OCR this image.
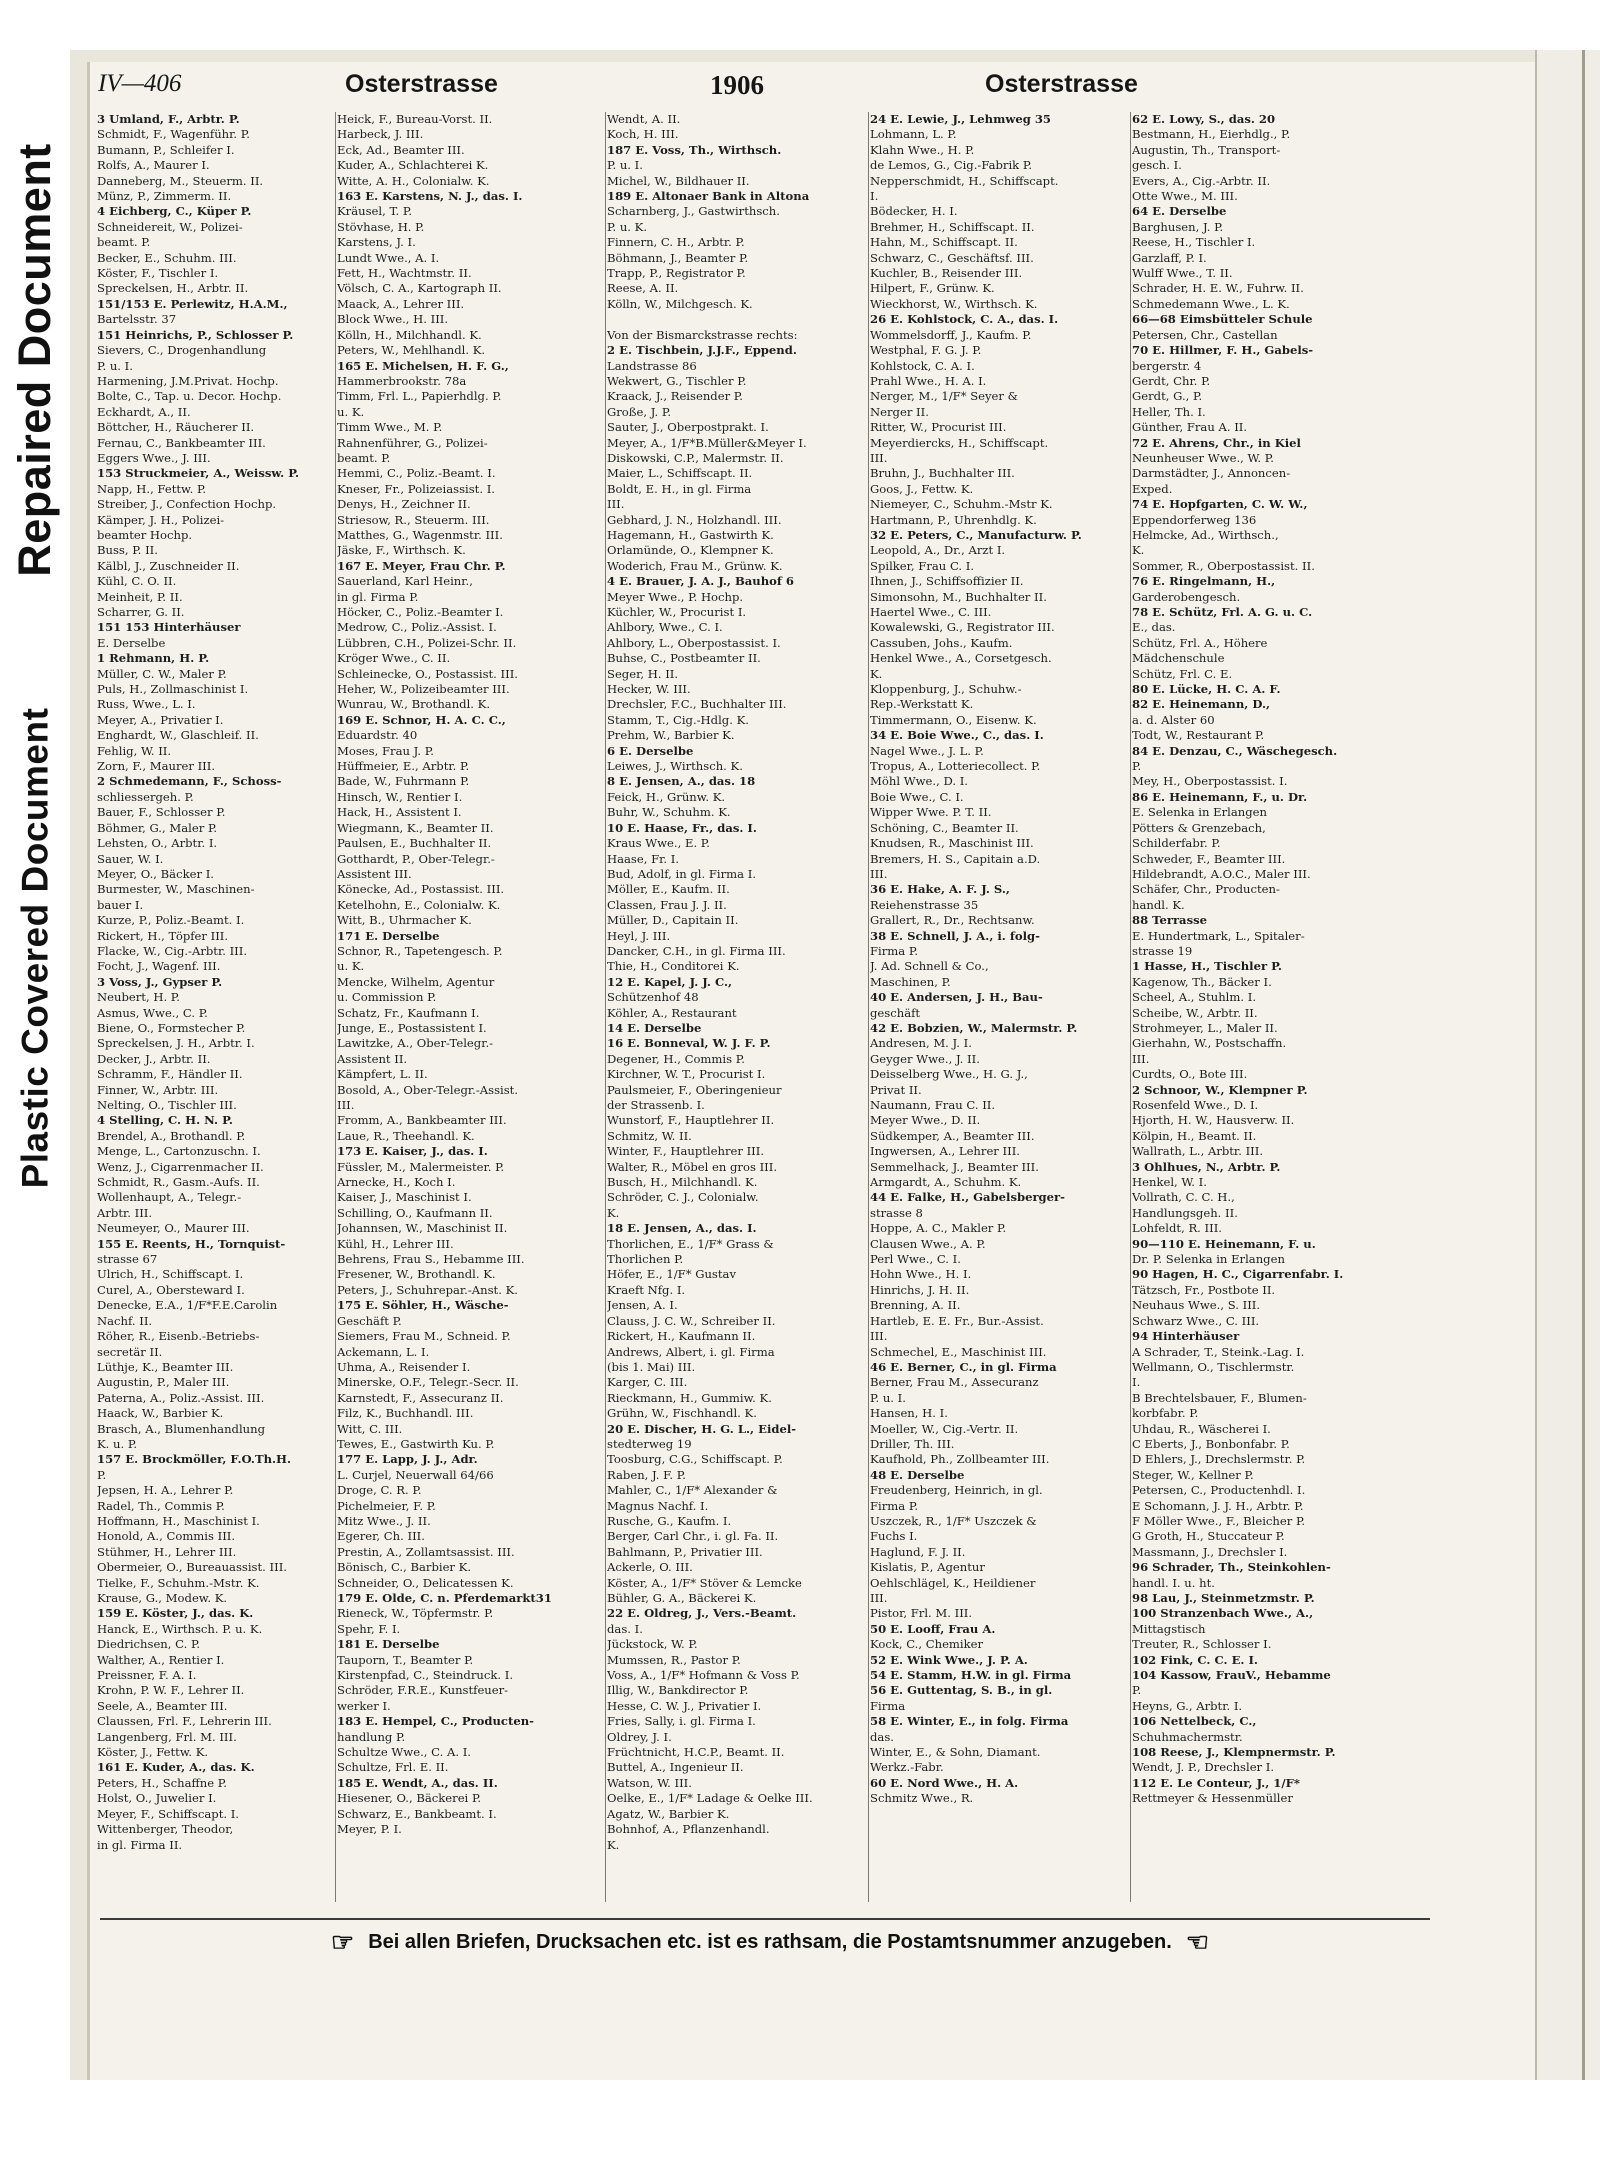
Repaired Document
Plastic Covered Document
IV—406	Osterstrasse	1906	Osterstrasse
3 Umland, F., Arbtr. P.
Schmidt, F., Wagenführ. P.
Bumann, P., Schleifer I.
Rolfs, A., Maurer I.
Danneberg, M., Steuerm. II.
Münz, P., Zimmerm. II.
4 Eichberg, C., Küper P.
Schneidereit, W., Polizei-
beamt. P.
Becker, E., Schuhm. III.
Köster, F., Tischler I.
Spreckelsen, H., Arbtr. II.
151/153 E. Perlewitz, H.A.M.,
Bartelsstr. 37
151 Heinrichs, P., Schlosser P.
Sievers, C., Drogenhandlung
P. u. I.
Harmening, J.M.Privat. Hochp.
Bolte, C., Tap. u. Decor. Hochp.
Eckhardt, A., II.
Böttcher, H., Räucherer II.
Fernau, C., Bankbeamter III.
Eggers Wwe., J. III.
153 Struckmeier, A., Weissw. P.
Napp, H., Fettw. P.
Streiber, J., Confection Hochp.
Kämper, J. H., Polizei-
beamter Hochp.
Buss, P. II.
Kälbl, J., Zuschneider II.
Kühl, C. O. II.
Meinheit, P. II.
Scharrer, G. II.
151 153 Hinterhäuser
E. Derselbe
1 Rehmann, H. P.
Müller, C. W., Maler P.
Puls, H., Zollmaschinist I.
Russ, Wwe., L. I.
Meyer, A., Privatier I.
Enghardt, W., Glaschleif. II.
Fehlig, W. II.
Zorn, F., Maurer III.
2 Schmedemann, F., Schoss-
schliessergeh. P.
Bauer, F., Schlosser P.
Böhmer, G., Maler P.
Lehsten, O., Arbtr. I.
Sauer, W. I.
Meyer, O., Bäcker I.
Burmester, W., Maschinen-
bauer I.
Kurze, P., Poliz.-Beamt. I.
Rickert, H., Töpfer III.
Flacke, W., Cig.-Arbtr. III.
Focht, J., Wagenf. III.
3 Voss, J., Gypser P.
Neubert, H. P.
Asmus, Wwe., C. P.
Biene, O., Formstecher P.
Spreckelsen, J. H., Arbtr. I.
Decker, J., Arbtr. II.
Schramm, F., Händler II.
Finner, W., Arbtr. III.
Nelting, O., Tischler III.
4 Stelling, C. H. N. P.
Brendel, A., Brothandl. P.
Menge, L., Cartonzuschn. I.
Wenz, J., Cigarrenmacher II.
Schmidt, R., Gasm.-Aufs. II.
Wollenhaupt, A., Telegr.-
Arbtr. III.
Neumeyer, O., Maurer III.
155 E. Reents, H., Tornquist-
strasse 67
Ulrich, H., Schiffscapt. I.
Curel, A., Obersteward I.
Denecke, E.A., 1/F*F.E.Carolin
Nachf. II.
Röher, R., Eisenb.-Betriebs-
secretär II.
Lüthje, K., Beamter III.
Augustin, P., Maler III.
Paterna, A., Poliz.-Assist. III.
Haack, W., Barbier K.
Brasch, A., Blumenhandlung
K. u. P.
157 E. Brockmöller, F.O.Th.H.
P.
Jepsen, H. A., Lehrer P.
Radel, Th., Commis P.
Hoffmann, H., Maschinist I.
Honold, A., Commis III.
Stühmer, H., Lehrer III.
Obermeier, O., Bureauassist. III.
Tielke, F., Schuhm.-Mstr. K.
Krause, G., Modew. K.
159 E. Köster, J., das. K.
Hanck, E., Wirthsch. P. u. K.
Diedrichsen, C. P.
Walther, A., Rentier I.
Preissner, F. A. I.
Krohn, P. W. F., Lehrer II.
Seele, A., Beamter III.
Claussen, Frl. F., Lehrerin III.
Langenberg, Frl. M. III.
Köster, J., Fettw. K.
161 E. Kuder, A., das. K.
Peters, H., Schaffne P.
Holst, O., Juwelier I.
Meyer, F., Schiffscapt. I.
Wittenberger, Theodor,
in gl. Firma II.
Heick, F., Bureau-Vorst. II.
Harbeck, J. III.
Eck, Ad., Beamter III.
Kuder, A., Schlachterei K.
Witte, A. H., Colonialw. K.
163 E. Karstens, N. J., das. I.
Kräusel, T. P.
Stövhase, H. P.
Karstens, J. I.
Lundt Wwe., A. I.
Fett, H., Wachtmstr. II.
Völsch, C. A., Kartograph II.
Maack, A., Lehrer III.
Block Wwe., H. III.
Kölln, H., Milchhandl. K.
Peters, W., Mehlhandl. K.
165 E. Michelsen, H. F. G.,
Hammerbrookstr. 78a
Timm, Frl. L., Papierhdlg. P.
u. K.
Timm Wwe., M. P.
Rahnenführer, G., Polizei-
beamt. P.
Hemmi, C., Poliz.-Beamt. I.
Kneser, Fr., Polizeiassist. I.
Denys, H., Zeichner II.
Striesow, R., Steuerm. III.
Matthes, G., Wagenmstr. III.
Jäske, F., Wirthsch. K.
167 E. Meyer, Frau Chr. P.
Sauerland, Karl Heinr.,
in gl. Firma P.
Höcker, C., Poliz.-Beamter I.
Medrow, C., Poliz.-Assist. I.
Lübbren, C.H., Polizei-Schr. II.
Kröger Wwe., C. II.
Schleinecke, O., Postassist. III.
Heher, W., Polizeibeamter III.
Wunrau, W., Brothandl. K.
169 E. Schnor, H. A. C. C.,
Eduardstr. 40
Moses, Frau J. P.
Hüffmeier, E., Arbtr. P.
Bade, W., Fuhrmann P.
Hinsch, W., Rentier I.
Hack, H., Assistent I.
Wiegmann, K., Beamter II.
Paulsen, E., Buchhalter II.
Gotthardt, P., Ober-Telegr.-
Assistent III.
Könecke, Ad., Postassist. III.
Ketelhohn, E., Colonialw. K.
Witt, B., Uhrmacher K.
171 E. Derselbe
Schnor, R., Tapetengesch. P.
u. K.
Mencke, Wilhelm, Agentur
u. Commission P.
Schatz, Fr., Kaufmann I.
Junge, E., Postassistent I.
Lawitzke, A., Ober-Telegr.-
Assistent II.
Kämpfert, L. II.
Bosold, A., Ober-Telegr.-Assist.
III.
Fromm, A., Bankbeamter III.
Laue, R., Theehandl. K.
173 E. Kaiser, J., das. I.
Füssler, M., Malermeister. P.
Arnecke, H., Koch I.
Kaiser, J., Maschinist I.
Schilling, O., Kaufmann II.
Johannsen, W., Maschinist II.
Kühl, H., Lehrer III.
Behrens, Frau S., Hebamme III.
Fresener, W., Brothandl. K.
Peters, J., Schuhrepar.-Anst. K.
175 E. Söhler, H., Wäsche-
Geschäft P.
Siemers, Frau M., Schneid. P.
Ackemann, L. I.
Uhma, A., Reisender I.
Minerske, O.F., Telegr.-Secr. II.
Karnstedt, F., Assecuranz II.
Filz, K., Buchhandl. III.
Witt, C. III.
Tewes, E., Gastwirth Ku. P.
177 E. Lapp, J. J., Adr.
L. Curjel, Neuerwall 64/66
Droge, C. R. P.
Pichelmeier, F. P.
Mitz Wwe., J. II.
Egerer, Ch. III.
Prestin, A., Zollamtsassist. III.
Bönisch, C., Barbier K.
Schneider, O., Delicatessen K.
179 E. Olde, C. n. Pferdemarkt31
Rieneck, W., Töpfermstr. P.
Spehr, F. I.
181 E. Derselbe
Tauporn, T., Beamter P.
Kirstenpfad, C., Steindruck. I.
Schröder, F.R.E., Kunstfeuer-
werker I.
183 E. Hempel, C., Producten-
handlung P.
Schultze Wwe., C. A. I.
Schultze, Frl. E. II.
185 E. Wendt, A., das. II.
Hiesener, O., Bäckerei P.
Schwarz, E., Bankbeamt. I.
Meyer, P. I.
Wendt, A. II.
Koch, H. III.
187 E. Voss, Th., Wirthsch.
P. u. I.
Michel, W., Bildhauer II.
189 E. Altonaer Bank in Altona
Scharnberg, J., Gastwirthsch.
P. u. K.
Finnern, C. H., Arbtr. P.
Böhmann, J., Beamter P.
Trapp, P., Registrator P.
Reese, A. II.
Kölln, W., Milchgesch. K.

Von der Bismarckstrasse rechts:
2 E. Tischbein, J.J.F., Eppend.
Landstrasse 86
Wekwert, G., Tischler P.
Kraack, J., Reisender P.
Große, J. P.
Sauter, J., Oberpostprakt. I.
Meyer, A., 1/F*B.Müller&Meyer I.
Diskowski, C.P., Malermstr. II.
Maier, L., Schiffscapt. II.
Boldt, E. H., in gl. Firma
III.
Gebhard, J. N., Holzhandl. III.
Hagemann, H., Gastwirth K.
Orlamünde, O., Klempner K.
Woderich, Frau M., Grünw. K.
4 E. Brauer, J. A. J., Bauhof 6
Meyer Wwe., P. Hochp.
Küchler, W., Procurist I.
Ahlbory, Wwe., C. I.
Ahlbory, L., Oberpostassist. I.
Buhse, C., Postbeamter II.
Seger, H. II.
Hecker, W. III.
Drechsler, F.C., Buchhalter III.
Stamm, T., Cig.-Hdlg. K.
Prehm, W., Barbier K.
6 E. Derselbe
Leiwes, J., Wirthsch. K.
8 E. Jensen, A., das. 18
Feick, H., Grünw. K.
Buhr, W., Schuhm. K.
10 E. Haase, Fr., das. I.
Kraus Wwe., E. P.
Haase, Fr. I.
Bud, Adolf, in gl. Firma I.
Möller, E., Kaufm. II.
Classen, Frau J. J. II.
Müller, D., Capitain II.
Heyl, J. III.
Dancker, C.H., in gl. Firma III.
Thie, H., Conditorei K.
12 E. Kapel, J. J. C.,
Schützenhof 48
Köhler, A., Restaurant
14 E. Derselbe
16 E. Bonneval, W. J. F. P.
Degener, H., Commis P.
Kirchner, W. T., Procurist I.
Paulsmeier, F., Oberingenieur
der Strassenb. I.
Wunstorf, F., Hauptlehrer II.
Schmitz, W. II.
Winter, F., Hauptlehrer III.
Walter, R., Möbel en gros III.
Busch, H., Milchhandl. K.
Schröder, C. J., Colonialw.
K.
18 E. Jensen, A., das. I.
Thorlichen, E., 1/F* Grass &
Thorlichen P.
Höfer, E., 1/F* Gustav
Kraeft Nfg. I.
Jensen, A. I.
Clauss, J. C. W., Schreiber II.
Rickert, H., Kaufmann II.
Andrews, Albert, i. gl. Firma
(bis 1. Mai) III.
Karger, C. III.
Rieckmann, H., Gummiw. K.
Grühn, W., Fischhandl. K.
20 E. Discher, H. G. L., Eidel-
stedterweg 19
Toosburg, C.G., Schiffscapt. P.
Raben, J. F. P.
Mahler, C., 1/F* Alexander &
Magnus Nachf. I.
Rusche, G., Kaufm. I.
Berger, Carl Chr., i. gl. Fa. II.
Bahlmann, P., Privatier III.
Ackerle, O. III.
Köster, A., 1/F* Stöver & Lemcke
Bühler, G. A., Bäckerei K.
22 E. Oldreg, J., Vers.-Beamt.
das. I.
Jückstock, W. P.
Mumssen, R., Pastor P.
Voss, A., 1/F* Hofmann & Voss P.
Illig, W., Bankdirector P.
Hesse, C. W. J., Privatier I.
Fries, Sally, i. gl. Firma I.
Oldrey, J. I.
Früchtnicht, H.C.P., Beamt. II.
Buttel, A., Ingenieur II.
Watson, W. III.
Oelke, E., 1/F* Ladage & Oelke III.
Agatz, W., Barbier K.
Bohnhof, A., Pflanzenhandl.
K.
24 E. Lewie, J., Lehmweg 35
Lohmann, L. P.
Klahn Wwe., H. P.
de Lemos, G., Cig.-Fabrik P.
Nepperschmidt, H., Schiffscapt.
I.
Bödecker, H. I.
Brehmer, H., Schiffscapt. II.
Hahn, M., Schiffscapt. II.
Schwarz, C., Geschäftsf. III.
Kuchler, B., Reisender III.
Hilpert, F., Grünw. K.
Wieckhorst, W., Wirthsch. K.
26 E. Kohlstock, C. A., das. I.
Wommelsdorff, J., Kaufm. P.
Westphal, F. G. J. P.
Kohlstock, C. A. I.
Prahl Wwe., H. A. I.
Nerger, M., 1/F* Seyer &
Nerger II.
Ritter, W., Procurist III.
Meyerdiercks, H., Schiffscapt.
III.
Bruhn, J., Buchhalter III.
Goos, J., Fettw. K.
Niemeyer, C., Schuhm.-Mstr K.
Hartmann, P., Uhrenhdlg. K.
32 E. Peters, C., Manufacturw. P.
Leopold, A., Dr., Arzt I.
Spilker, Frau C. I.
Ihnen, J., Schiffsoffizier II.
Simonsohn, M., Buchhalter II.
Haertel Wwe., C. III.
Kowalewski, G., Registrator III.
Cassuben, Johs., Kaufm.
Henkel Wwe., A., Corsetgesch.
K.
Kloppenburg, J., Schuhw.-
Rep.-Werkstatt K.
Timmermann, O., Eisenw. K.
34 E. Boie Wwe., C., das. I.
Nagel Wwe., J. L. P.
Tropus, A., Lotteriecollect. P.
Möhl Wwe., D. I.
Boie Wwe., C. I.
Wipper Wwe. P. T. II.
Schöning, C., Beamter II.
Knudsen, R., Maschinist III.
Bremers, H. S., Capitain a.D.
III.
36 E. Hake, A. F. J. S.,
Reiehenstrasse 35
Grallert, R., Dr., Rechtsanw.
38 E. Schnell, J. A., i. folg-
Firma P.
J. Ad. Schnell & Co.,
Maschinen, P.
40 E. Andersen, J. H., Bau-
geschäft
42 E. Bobzien, W., Malermstr. P.
Andresen, M. J. I.
Geyger Wwe., J. II.
Deisselberg Wwe., H. G. J.,
Privat II.
Naumann, Frau C. II.
Meyer Wwe., D. II.
Südkemper, A., Beamter III.
Ingwersen, A., Lehrer III.
Semmelhack, J., Beamter III.
Armgardt, A., Schuhm. K.
44 E. Falke, H., Gabelsberger-
strasse 8
Hoppe, A. C., Makler P.
Clausen Wwe., A. P.
Perl Wwe., C. I.
Hohn Wwe., H. I.
Hinrichs, J. H. II.
Brenning, A. II.
Hartleb, E. E. Fr., Bur.-Assist.
III.
Schmechel, E., Maschinist III.
46 E. Berner, C., in gl. Firma
Berner, Frau M., Assecuranz
P. u. I.
Hansen, H. I.
Moeller, W., Cig.-Vertr. II.
Driller, Th. III.
Kaufhold, Ph., Zollbeamter III.
48 E. Derselbe
Freudenberg, Heinrich, in gl.
Firma P.
Uszczek, R., 1/F* Uszczek &
Fuchs I.
Haglund, F. J. II.
Kislatis, P., Agentur
Oehlschlägel, K., Heildiener
III.
Pistor, Frl. M. III.
50 E. Looff, Frau A.
Kock, C., Chemiker
52 E. Wink Wwe., J. P. A.
54 E. Stamm, H.W. in gl. Firma
56 E. Guttentag, S. B., in gl.
Firma
58 E. Winter, E., in folg. Firma
das.
Winter, E., & Sohn, Diamant.
Werkz.-Fabr.
60 E. Nord Wwe., H. A.
Schmitz Wwe., R.
62 E. Lowy, S., das. 20
Bestmann, H., Eierhdlg., P.
Augustin, Th., Transport-
gesch. I.
Evers, A., Cig.-Arbtr. II.
Otte Wwe., M. III.
64 E. Derselbe
Barghusen, J. P.
Reese, H., Tischler I.
Garzlaff, P. I.
Wulff Wwe., T. II.
Schrader, H. E. W., Fuhrw. II.
Schmedemann Wwe., L. K.
66—68 Eimsbütteler Schule
Petersen, Chr., Castellan
70 E. Hillmer, F. H., Gabels-
bergerstr. 4
Gerdt, Chr. P.
Gerdt, G., P.
Heller, Th. I.
Günther, Frau A. II.
72 E. Ahrens, Chr., in Kiel
Neunheuser Wwe., W. P.
Darmstädter, J., Annoncen-
Exped.
74 E. Hopfgarten, C. W. W.,
Eppendorferweg 136
Helmcke, Ad., Wirthsch.,
K.
Sommer, R., Oberpostassist. II.
76 E. Ringelmann, H.,
Garderobengesch.
78 E. Schütz, Frl. A. G. u. C.
E., das.
Schütz, Frl. A., Höhere
Mädchenschule
Schütz, Frl. C. E.
80 E. Lücke, H. C. A. F.
82 E. Heinemann, D.,
a. d. Alster 60
Todt, W., Restaurant P.
84 E. Denzau, C., Wäschegesch.
P.
Mey, H., Oberpostassist. I.
86 E. Heinemann, F., u. Dr.
E. Selenka in Erlangen
Pötters & Grenzebach,
Schilderfabr. P.
Schweder, F., Beamter III.
Hildebrandt, A.O.C., Maler III.
Schäfer, Chr., Producten-
handl. K.
88 Terrasse
E. Hundertmark, L., Spitaler-
strasse 19
1 Hasse, H., Tischler P.
Kagenow, Th., Bäcker I.
Scheel, A., Stuhlm. I.
Scheibe, W., Arbtr. II.
Strohmeyer, L., Maler II.
Gierhahn, W., Postschaffn.
III.
Curdts, O., Bote III.
2 Schnoor, W., Klempner P.
Rosenfeld Wwe., D. I.
Hjorth, H. W., Hausverw. II.
Kölpin, H., Beamt. II.
Wallrath, L., Arbtr. III.
3 Ohlhues, N., Arbtr. P.
Henkel, W. I.
Vollrath, C. C. H.,
Handlungsgeh. II.
Lohfeldt, R. III.
90—110 E. Heinemann, F. u.
Dr. P. Selenka in Erlangen
90 Hagen, H. C., Cigarrenfabr. I.
Tätzsch, Fr., Postbote II.
Neuhaus Wwe., S. III.
Schwarz Wwe., C. III.
94 Hinterhäuser
A Schrader, T., Steink.-Lag. I.
Wellmann, O., Tischlermstr.
I.
B Brechtelsbauer, F., Blumen-
korbfabr. P.
Uhdau, R., Wäscherei I.
C Eberts, J., Bonbonfabr. P.
D Ehlers, J., Drechslermstr. P.
Steger, W., Kellner P.
Petersen, C., Productenhdl. I.
E Schomann, J. J. H., Arbtr. P.
F Möller Wwe., F., Bleicher P.
G Groth, H., Stuccateur P.
Massmann, J., Drechsler I.
96 Schrader, Th., Steinkohlen-
handl. I. u. ht.
98 Lau, J., Steinmetzmstr. P.
100 Stranzenbach Wwe., A.,
Mittagstisch
Treuter, R., Schlosser I.
102 Fink, C. C. E. I.
104 Kassow, FrauV., Hebamme
P.
Heyns, G., Arbtr. I.
106 Nettelbeck, C.,
Schuhmachermstr.
108 Reese, J., Klempnermstr. P.
Wendt, J. P., Drechsler I.
112 E. Le Conteur, J., 1/F*
Rettmeyer & Hessenmüller
☞ Bei allen Briefen, Drucksachen etc. ist es rathsam, die Postamtsnummer anzugeben. ☜
